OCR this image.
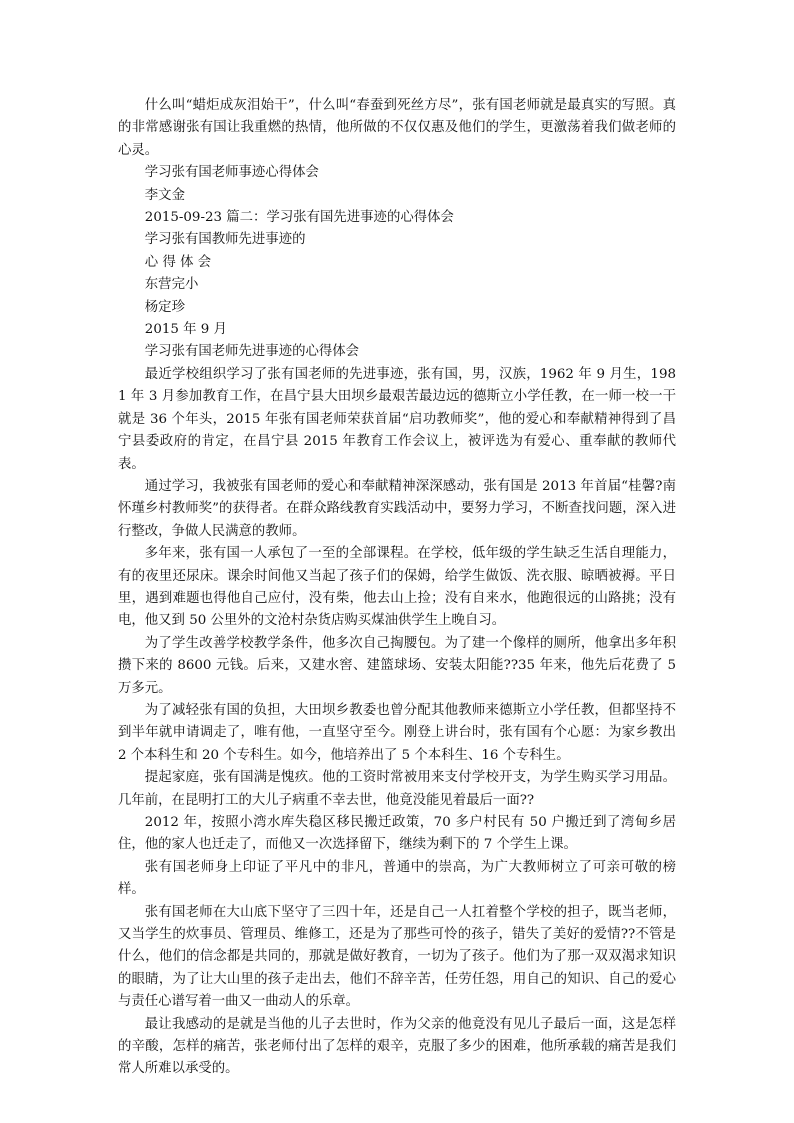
什么叫“蜡炬成灰泪始干”，什么叫“春蚕到死丝方尽”，张有国老师就是最真实的写照。真的非常感谢张有国让我重燃的热情，他所做的不仅仅惠及他们的学生，更激荡着我们做老师的心灵。

学习张有国老师事迹心得体会

李文金

2015-09-23 篇二：学习张有国先进事迹的心得体会

学习张有国教师先进事迹的

心 得 体 会

东营完小

杨定珍

2015 年 9 月

学习张有国老师先进事迹的心得体会

最近学校组织学习了张有国老师的先进事迹，张有国，男，汉族，1962 年 9 月生，1981 年 3 月参加教育工作，在昌宁县大田坝乡最艰苦最边远的德斯立小学任教，在一师一校一干就是 36 个年头，2015 年张有国老师荣获首届“启功教师奖”，他的爱心和奉献精神得到了昌宁县委政府的肯定，在昌宁县 2015 年教育工作会议上，被评选为有爱心、重奉献的教师代表。

通过学习，我被张有国老师的爱心和奉献精神深深感动，张有国是 2013 年首届“桂馨?南怀瑾乡村教师奖”的获得者。在群众路线教育实践活动中，要努力学习，不断查找问题，深入进行整改，争做人民满意的教师。

多年来，张有国一人承包了一至的全部课程。在学校，低年级的学生缺乏生活自理能力，有的夜里还尿床。课余时间他又当起了孩子们的保姆，给学生做饭、洗衣服、晾晒被褥。平日里，遇到难题也得他自己应付，没有柴，他去山上捡；没有自来水，他跑很远的山路挑；没有电，他又到 50 公里外的文沧村杂货店购买煤油供学生上晚自习。

为了学生改善学校教学条件，他多次自己掏腰包。为了建一个像样的厕所，他拿出多年积攒下来的 8600 元钱。后来，又建水窖、建篮球场、安装太阳能??35 年来，他先后花费了 5 万多元。

为了减轻张有国的负担，大田坝乡教委也曾分配其他教师来德斯立小学任教，但都坚持不到半年就申请调走了，唯有他，一直坚守至今。刚登上讲台时，张有国有个心愿：为家乡教出 2 个本科生和 20 个专科生。如今，他培养出了 5 个本科生、16 个专科生。

提起家庭，张有国满是愧疚。他的工资时常被用来支付学校开支，为学生购买学习用品。几年前，在昆明打工的大儿子病重不幸去世，他竟没能见着最后一面??

2012 年，按照小湾水库失稳区移民搬迁政策，70 多户村民有 50 户搬迁到了湾甸乡居住，他的家人也迁走了，而他又一次选择留下，继续为剩下的 7 个学生上课。

张有国老师身上印证了平凡中的非凡，普通中的崇高，为广大教师树立了可亲可敬的榜样。

张有国老师在大山底下坚守了三四十年，还是自己一人扛着整个学校的担子，既当老师，又当学生的炊事员、管理员、维修工，还是为了那些可怜的孩子，错失了美好的爱情??不管是什么，他们的信念都是共同的，那就是做好教育，一切为了孩子。他们为了那一双双渴求知识的眼睛，为了让大山里的孩子走出去，他们不辞辛苦，任劳任怨，用自己的知识、自己的爱心与责任心谱写着一曲又一曲动人的乐章。

最让我感动的是就是当他的儿子去世时，作为父亲的他竟没有见儿子最后一面，这是怎样的辛酸，怎样的痛苦，张老师付出了怎样的艰辛，克服了多少的困难，他所承载的痛苦是我们常人所难以承受的。
